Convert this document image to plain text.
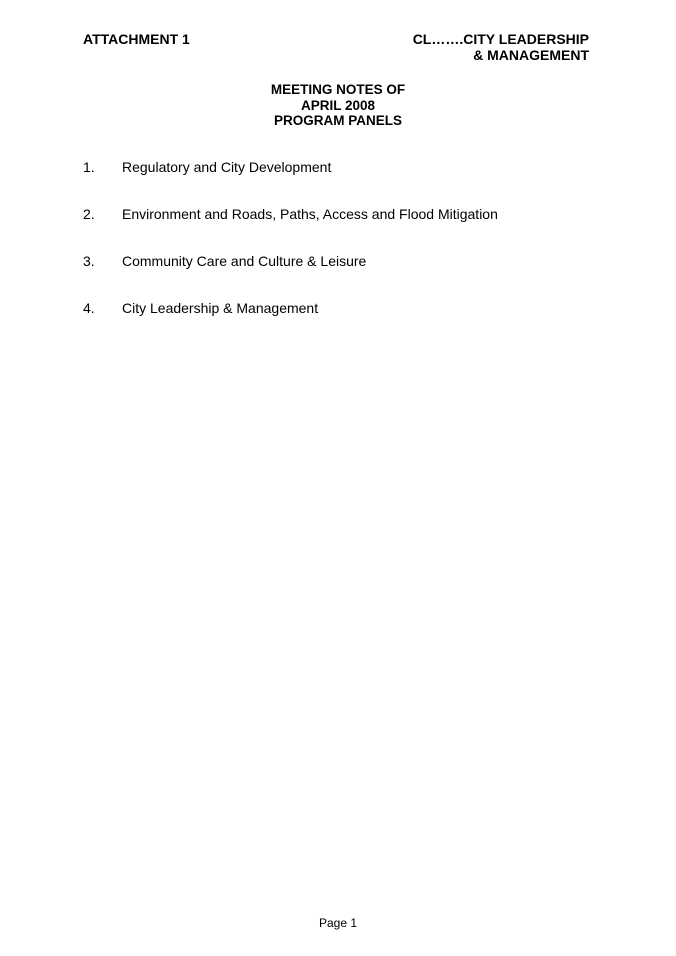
ATTACHMENT 1	CL…….CITY LEADERSHIP
& MANAGEMENT
MEETING NOTES OF
APRIL 2008
PROGRAM PANELS
1.	Regulatory and City Development
2.	Environment and Roads, Paths, Access and Flood Mitigation
3.	Community Care and Culture & Leisure
4.	City Leadership & Management
Page 1
